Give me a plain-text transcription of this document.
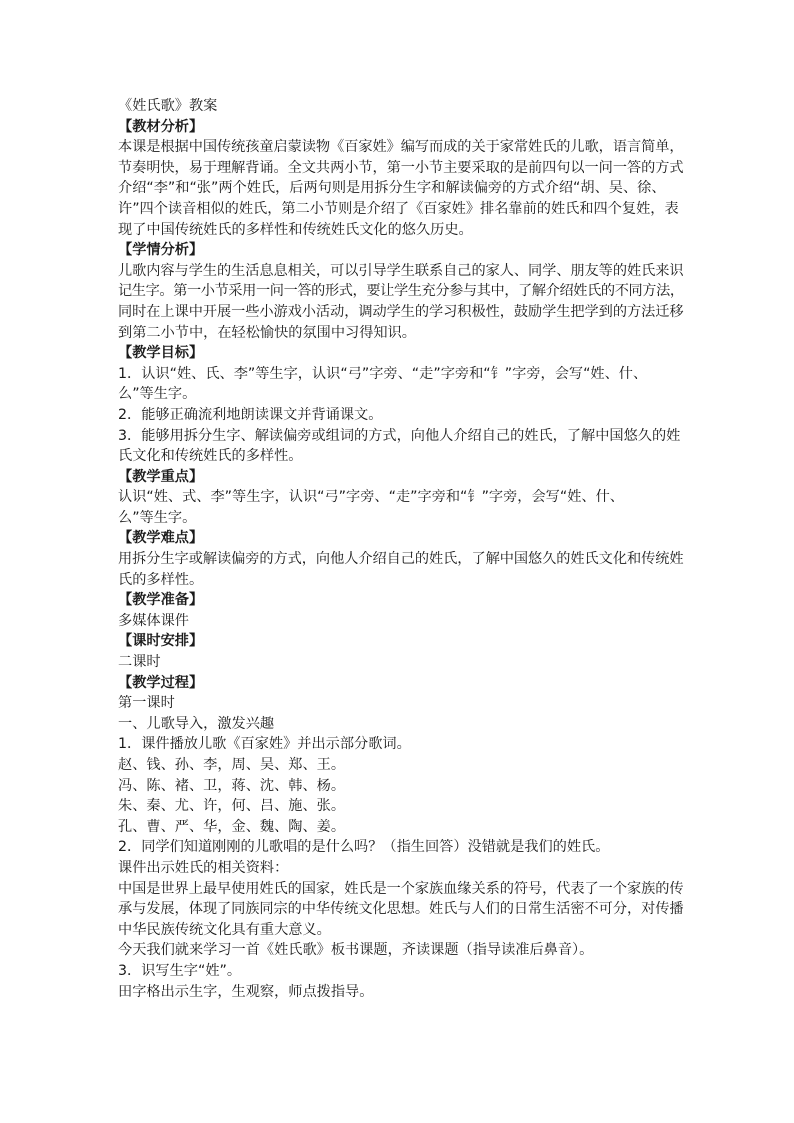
《姓氏歌》教案
【教材分析】
本课是根据中国传统孩童启蒙读物《百家姓》编写而成的关于家常姓氏的儿歌，语言简单，
节奏明快，易于理解背诵。全文共两小节，第一小节主要采取的是前四句以一问一答的方式
介绍“李”和“张”两个姓氏，后两句则是用拆分生字和解读偏旁的方式介绍“胡、吴、徐、
许”四个读音相似的姓氏，第二小节则是介绍了《百家姓》排名靠前的姓氏和四个复姓，表
现了中国传统姓氏的多样性和传统姓氏文化的悠久历史。
【学情分析】
儿歌内容与学生的生活息息相关，可以引导学生联系自己的家人、同学、朋友等的姓氏来识
记生字。第一小节采用一问一答的形式，要让学生充分参与其中，了解介绍姓氏的不同方法，
同时在上课中开展一些小游戏小活动，调动学生的学习积极性，鼓励学生把学到的方法迁移
到第二小节中，在轻松愉快的氛围中习得知识。
【教学目标】
1．认识“姓、氏、李”等生字，认识“弓”字旁、“走”字旁和“钅”字旁，会写“姓、什、
么”等生字。
2．能够正确流利地朗读课文并背诵课文。
3．能够用拆分生字、解读偏旁或组词的方式，向他人介绍自己的姓氏，了解中国悠久的姓
氏文化和传统姓氏的多样性。
【教学重点】
认识“姓、式、李”等生字，认识“弓”字旁、“走”字旁和“钅”字旁，会写“姓、什、
么”等生字。
【教学难点】
用拆分生字或解读偏旁的方式，向他人介绍自己的姓氏，了解中国悠久的姓氏文化和传统姓
氏的多样性。
【教学准备】
多媒体课件
【课时安排】
二课时
【教学过程】
第一课时
一、儿歌导入，激发兴趣
1．课件播放儿歌《百家姓》并出示部分歌词。
赵、钱、孙、李，周、吴、郑、王。
冯、陈、褚、卫，蒋、沈、韩、杨。
朱、秦、尤、许，何、吕、施、张。
孔、曹、严、华，金、魏、陶、姜。
2．同学们知道刚刚的儿歌唱的是什么吗？（指生回答）没错就是我们的姓氏。
课件出示姓氏的相关资料：
中国是世界上最早使用姓氏的国家，姓氏是一个家族血缘关系的符号，代表了一个家族的传
承与发展，体现了同族同宗的中华传统文化思想。姓氏与人们的日常生活密不可分，对传播
中华民族传统文化具有重大意义。
今天我们就来学习一首《姓氏歌》板书课题，齐读课题（指导读准后鼻音）。
3．识写生字“姓”。
田字格出示生字，生观察，师点拨指导。
